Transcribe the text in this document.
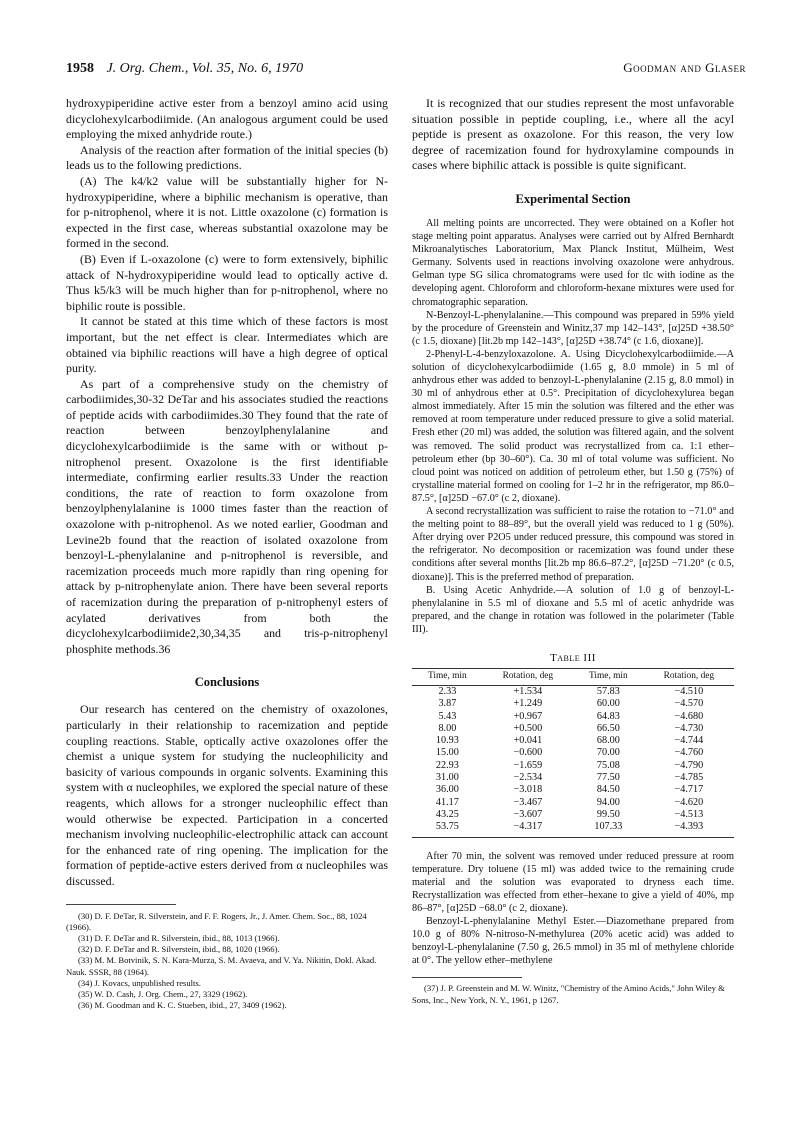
1958 J. Org. Chem., Vol. 35, No. 6, 1970	Goodman and Glaser

hydroxypiperidine active ester from a benzoyl amino acid using dicyclohexylcarbodiimide. (An analogous argument could be used employing the mixed anhydride route.)

Analysis of the reaction after formation of the initial species (b) leads us to the following predictions.

(A) The k4/k2 value will be substantially higher for N-hydroxypiperidine, where a biphilic mechanism is operative, than for p-nitrophenol, where it is not. Little oxazolone (c) formation is expected in the first case, whereas substantial oxazolone may be formed in the second.

(B) Even if L-oxazolone (c) were to form extensively, biphilic attack of N-hydroxypiperidine would lead to optically active d. Thus k5/k3 will be much higher than for p-nitrophenol, where no biphilic route is possible.

It cannot be stated at this time which of these factors is most important, but the net effect is clear. Intermediates which are obtained via biphilic reactions will have a high degree of optical purity.

As part of a comprehensive study on the chemistry of carbodiimides,30-32 DeTar and his associates studied the reactions of peptide acids with carbodiimides.30 They found that the rate of reaction between benzoylphenylalanine and dicyclohexylcarbodiimide is the same with or without p-nitrophenol present. Oxazolone is the first identifiable intermediate, confirming earlier results.33 Under the reaction conditions, the rate of reaction to form oxazolone from benzoylphenylalanine is 1000 times faster than the reaction of oxazolone with p-nitrophenol. As we noted earlier, Goodman and Levine2b found that the reaction of isolated oxazolone from benzoyl-L-phenylalanine and p-nitrophenol is reversible, and racemization proceeds much more rapidly than ring opening for attack by p-nitrophenylate anion. There have been several reports of racemization during the preparation of p-nitrophenyl esters of acylated derivatives from both the dicyclohexylcarbodiimide2,30,34,35 and tris-p-nitrophenyl phosphite methods.36

Conclusions

Our research has centered on the chemistry of oxazolones, particularly in their relationship to racemization and peptide coupling reactions. Stable, optically active oxazolones offer the chemist a unique system for studying the nucleophilicity and basicity of various compounds in organic solvents. Examining this system with α nucleophiles, we explored the special nature of these reagents, which allows for a stronger nucleophilic effect than would otherwise be expected. Participation in a concerted mechanism involving nucleophilic-electrophilic attack can account for the enhanced rate of ring opening. The implication for the formation of peptide-active esters derived from α nucleophiles was discussed.

(30) D. F. DeTar, R. Silverstein, and F. F. Rogers, Jr., J. Amer. Chem. Soc., 88, 1024 (1966).

(31) D. F. DeTar and R. Silverstein, ibid., 88, 1013 (1966).

(32) D. F. DeTar and R. Silverstein, ibid., 88, 1020 (1966).

(33) M. M. Botvinik, S. N. Kara-Murza, S. M. Avaeva, and V. Ya. Nikitin, Dokl. Akad. Nauk. SSSR, 88 (1964).

(34) J. Kovacs, unpublished results.

(35) W. D. Cash, J. Org. Chem., 27, 3329 (1962).

(36) M. Goodman and K. C. Stueben, ibid., 27, 3409 (1962).

It is recognized that our studies represent the most unfavorable situation possible in peptide coupling, i.e., where all the acyl peptide is present as oxazolone. For this reason, the very low degree of racemization found for hydroxylamine compounds in cases where biphilic attack is possible is quite significant.

Experimental Section

All melting points are uncorrected. They were obtained on a Kofler hot stage melting point apparatus. Analyses were carried out by Alfred Bernhardt Mikroanalytisches Laboratorium, Max Planck Institut, Mülheim, West Germany. Solvents used in reactions involving oxazolone were anhydrous. Gelman type SG silica chromatograms were used for tlc with iodine as the developing agent. Chloroform and chloroform-hexane mixtures were used for chromatographic separation.

N-Benzoyl-L-phenylalanine.—This compound was prepared in 59% yield by the procedure of Greenstein and Winitz,37 mp 142–143°, [α]25D +38.50° (c 1.5, dioxane) [lit.2b mp 142–143°, [α]25D +38.74° (c 1.6, dioxane)].

2-Phenyl-L-4-benzyloxazolone. A. Using Dicyclohexylcarbodiimide.—A solution of dicyclohexylcarbodiimide (1.65 g, 8.0 mmole) in 5 ml of anhydrous ether was added to benzoyl-L-phenylalanine (2.15 g, 8.0 mmol) in 30 ml of anhydrous ether at 0.5°. Precipitation of dicyclohexylurea began almost immediately. After 15 min the solution was filtered and the ether was removed at room temperature under reduced pressure to give a solid material. Fresh ether (20 ml) was added, the solution was filtered again, and the solvent was removed. The solid product was recrystallized from ca. 1:1 ether–petroleum ether (bp 30–60°). Ca. 30 ml of total volume was sufficient. No cloud point was noticed on addition of petroleum ether, but 1.50 g (75%) of crystalline material formed on cooling for 1–2 hr in the refrigerator, mp 86.0–87.5°, [α]25D −67.0° (c 2, dioxane).

A second recrystallization was sufficient to raise the rotation to −71.0° and the melting point to 88–89°, but the overall yield was reduced to 1 g (50%). After drying over P2O5 under reduced pressure, this compound was stored in the refrigerator. No decomposition or racemization was found under these conditions after several months [lit.2b mp 86.6–87.2°, [α]25D −71.20° (c 0.5, dioxane)]. This is the preferred method of preparation.

B. Using Acetic Anhydride.—A solution of 1.0 g of benzoyl-L-phenylalanine in 5.5 ml of dioxane and 5.5 ml of acetic anhydride was prepared, and the change in rotation was followed in the polarimeter (Table III).

Table III
Time, min	Rotation, deg	Time, min	Rotation, deg
2.33	+1.534	57.83	−4.510
3.87	+1.249	60.00	−4.570
5.43	+0.967	64.83	−4.680
8.00	+0.500	66.50	−4.730
10.93	+0.041	68.00	−4.744
15.00	−0.600	70.00	−4.760
22.93	−1.659	75.08	−4.790
31.00	−2.534	77.50	−4.785
36.00	−3.018	84.50	−4.717
41.17	−3.467	94.00	−4.620
43.25	−3.607	99.50	−4.513
53.75	−4.317	107.33	−4.393

After 70 min, the solvent was removed under reduced pressure at room temperature. Dry toluene (15 ml) was added twice to the remaining crude material and the solution was evaporated to dryness each time. Recrystallization was effected from ether–hexane to give a yield of 40%, mp 86–87°, [α]25D −68.0° (c 2, dioxane).

Benzoyl-L-phenylalanine Methyl Ester.—Diazomethane prepared from 10.0 g of 80% N-nitroso-N-methylurea (20% acetic acid) was added to benzoyl-L-phenylalanine (7.50 g, 26.5 mmol) in 35 ml of methylene chloride at 0°. The yellow ether–methylene

(37) J. P. Greenstein and M. W. Winitz, "Chemistry of the Amino Acids," John Wiley & Sons, Inc., New York, N. Y., 1961, p 1267.
